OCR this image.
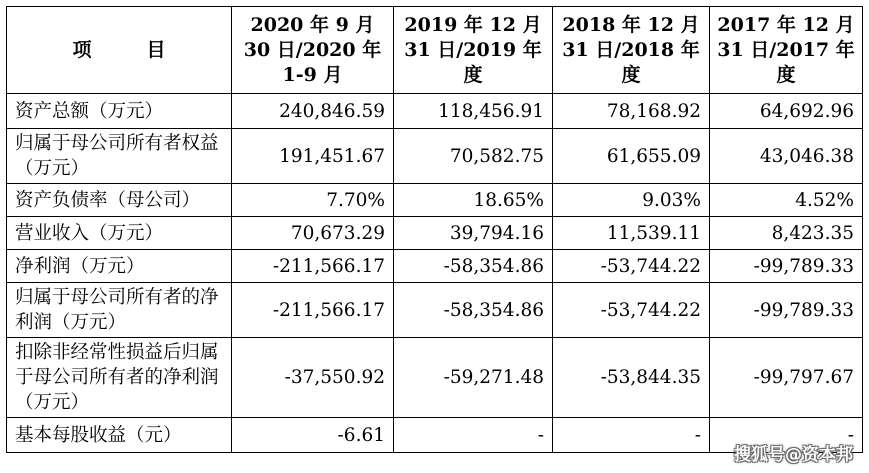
项　目	2020 年 9 月 30 日/2020 年 1-9 月	2019 年 12 月 31 日/2019 年度	2018 年 12 月 31 日/2018 年度	2017 年 12 月 31 日/2017 年度
资产总额（万元）	240,846.59	118,456.91	78,168.92	64,692.96
归属于母公司所有者权益（万元）	191,451.67	70,582.75	61,655.09	43,046.38
资产负债率（母公司）	7.70%	18.65%	9.03%	4.52%
营业收入（万元）	70,673.29	39,794.16	11,539.11	8,423.35
净利润（万元）	-211,566.17	-58,354.86	-53,744.22	-99,789.33
归属于母公司所有者的净利润（万元）	-211,566.17	-58,354.86	-53,744.22	-99,789.33
扣除非经常性损益后归属于母公司所有者的净利润（万元）	-37,550.92	-59,271.48	-53,844.35	-99,797.67
基本每股收益（元）	-6.61	-	-	-
搜狐号@资本邦
